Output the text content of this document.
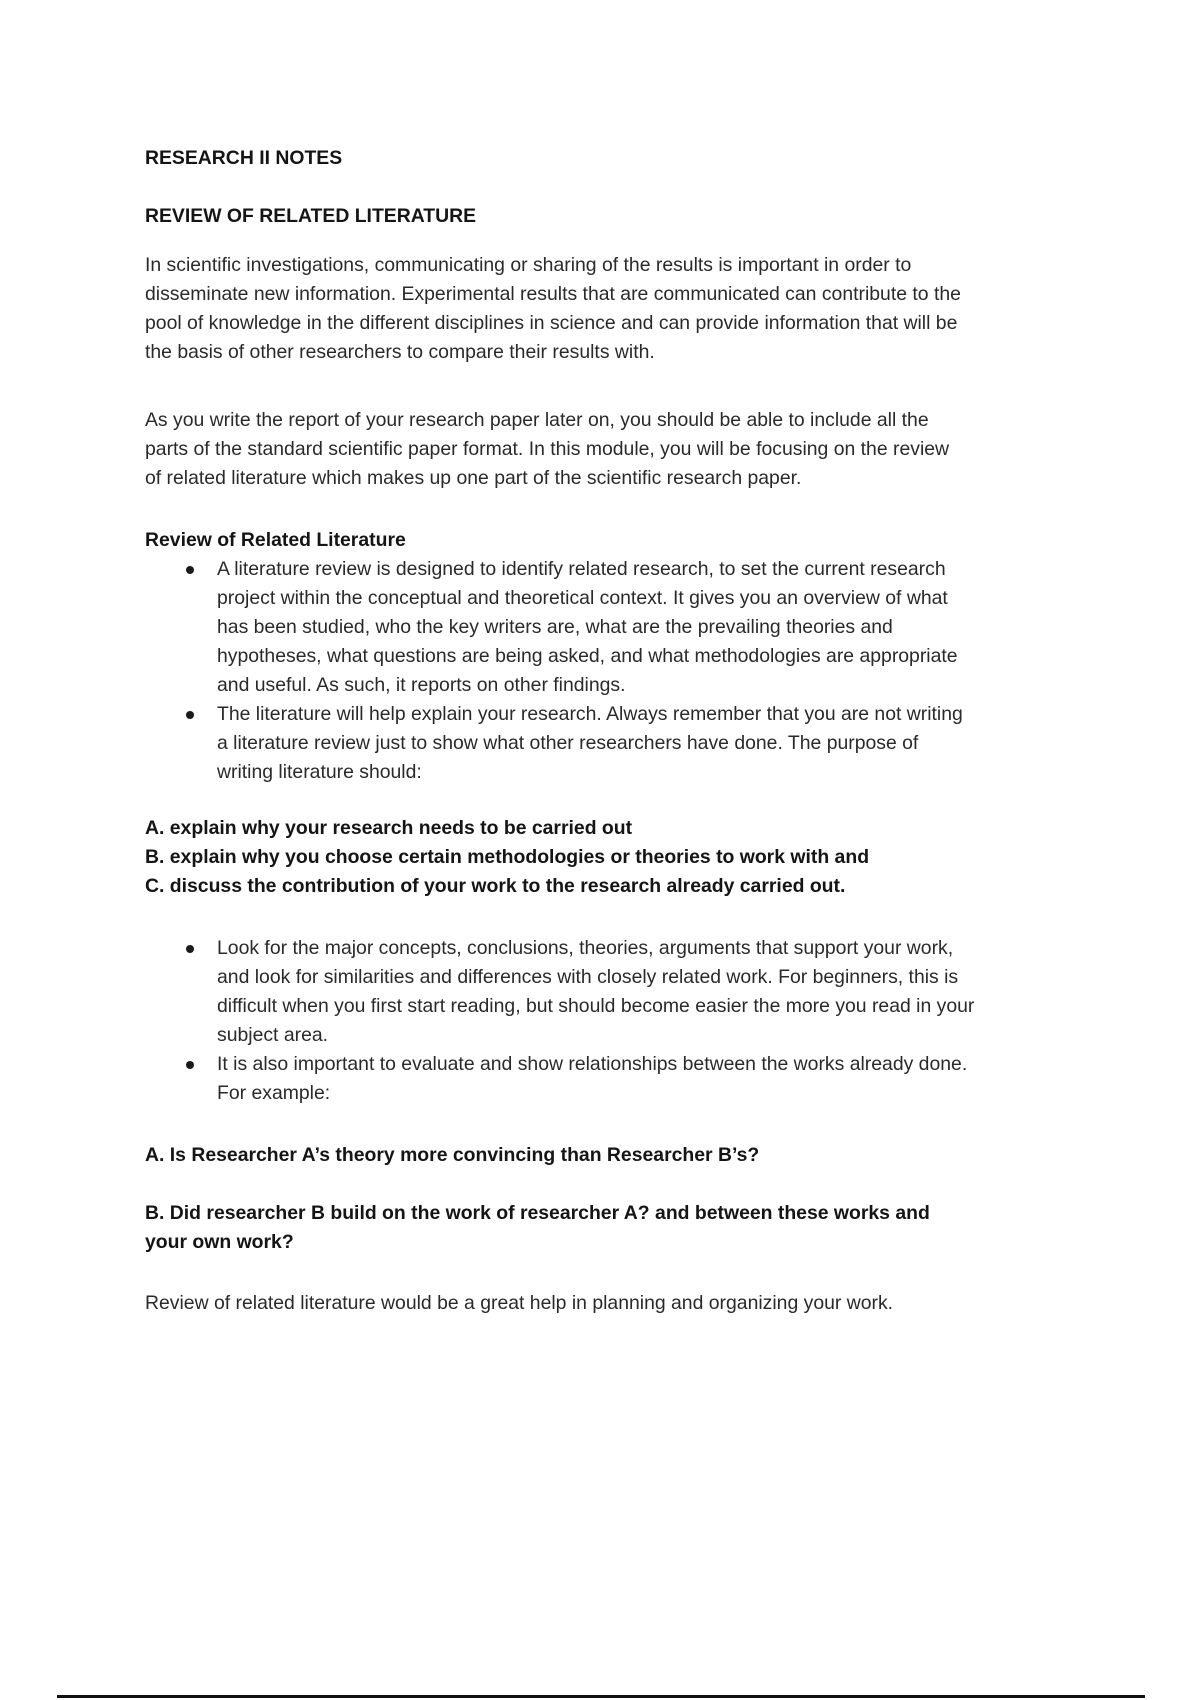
RESEARCH II NOTES
REVIEW OF RELATED LITERATURE
In scientific investigations, communicating or sharing of the results is important in order to
disseminate new information. Experimental results that are communicated can contribute to the
pool of knowledge in the different disciplines in science and can provide information that will be
the basis of other researchers to compare their results with.
As you write the report of your research paper later on, you should be able to include all the
parts of the standard scientific paper format. In this module, you will be focusing on the review
of related literature which makes up one part of the scientific research paper.
Review of Related Literature
A literature review is designed to identify related research, to set the current research
project within the conceptual and theoretical context. It gives you an overview of what
has been studied, who the key writers are, what are the prevailing theories and
hypotheses, what questions are being asked, and what methodologies are appropriate
and useful. As such, it reports on other findings.
The literature will help explain your research. Always remember that you are not writing
a literature review just to show what other researchers have done. The purpose of
writing literature should:
A. explain why your research needs to be carried out
B. explain why you choose certain methodologies or theories to work with and
C. discuss the contribution of your work to the research already carried out.
Look for the major concepts, conclusions, theories, arguments that support your work,
and look for similarities and differences with closely related work. For beginners, this is
difficult when you first start reading, but should become easier the more you read in your
subject area.
It is also important to evaluate and show relationships between the works already done.
For example:
A. Is Researcher A’s theory more convincing than Researcher B’s?
B. Did researcher B build on the work of researcher A? and between these works and
your own work?
Review of related literature would be a great help in planning and organizing your work.
